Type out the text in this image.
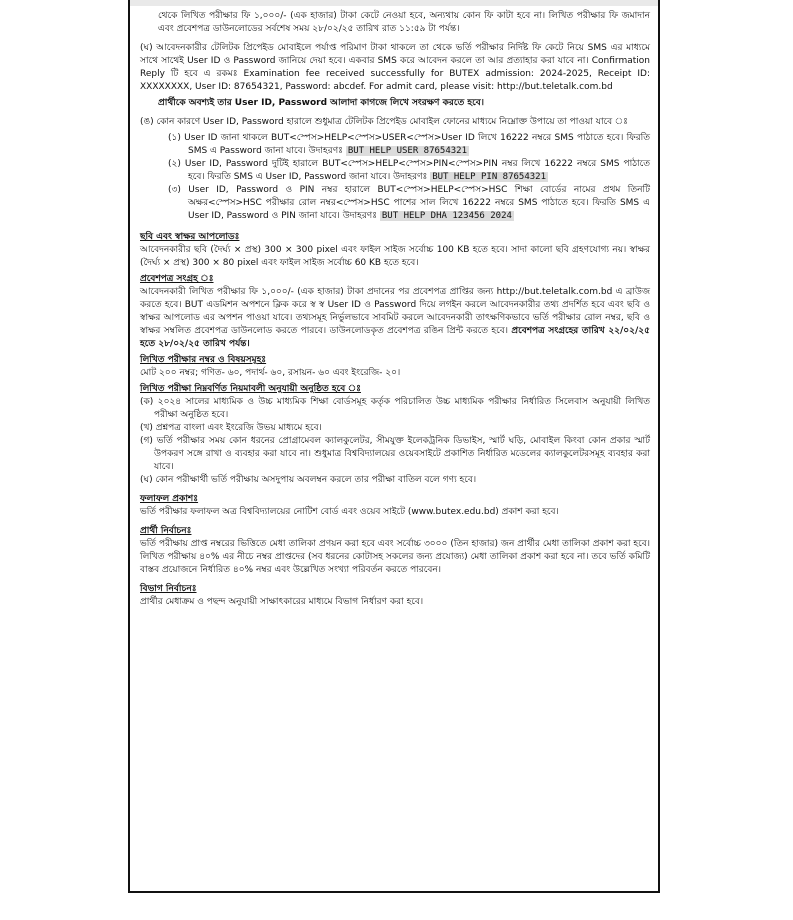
থেকে লিখিত পরীক্ষার ফি ১,০০০/- (এক হাজার) টাকা কেটে নেওয়া হবে, অন্যথায় কোন ফি কাটা হবে না। লিখিত পরীক্ষার ফি জমাদান এবং প্রবেশপত্র ডাউনলোডের সর্বশেষ সময় ২৮/০২/২৫ তারিখ রাত ১১:৫৯ টা পর্যন্ত।

(ঘ) আবেদনকারীর টেলিটক প্রিপেইড মোবাইলে পর্যাপ্ত পরিমাণ টাকা থাকলে তা থেকে ভর্তি পরীক্ষার নির্দিষ্ট ফি কেটে নিয়ে SMS এর মাধ্যমে সাথে সাথেই User ID ও Password জানিয়ে দেয়া হবে। একবার SMS করে আবেদন করলে তা আর প্রত্যাহার করা যাবে না। Confirmation Reply টি হবে এ রকমঃ Examination fee received successfully for BUTEX admission: 2024-2025, Receipt ID: XXXXXXXX, User ID: 87654321, Password: abcdef. For admit card, please visit: http://but.teletalk.com.bd

প্রার্থীকে অবশ্যই তার User ID, Password আলাদা কাগজে লিখে সংরক্ষণ করতে হবে।

(ঙ) কোন কারণে User ID, Password হারালে শুধুমাত্র টেলিটক প্রিপেইড মোবাইল ফোনের মাধ্যমে নিম্নোক্ত উপায়ে তা পাওয়া যাবে ঃ

(১) User ID জানা থাকলে BUT<স্পেস>HELP<স্পেস>USER<স্পেস>User ID লিখে 16222 নম্বরে SMS পাঠাতে হবে। ফিরতি SMS এ Password জানা যাবে। উদাহরণঃ BUT HELP USER 87654321

(২) User ID, Password দুটিই হারালে BUT<স্পেস>HELP<স্পেস>PIN<স্পেস>PIN নম্বর লিখে 16222 নম্বরে SMS পাঠাতে হবে। ফিরতি SMS এ User ID, Password জানা যাবে। উদাহরণঃ BUT HELP PIN 87654321

(৩) User ID, Password ও PIN নম্বর হারালে BUT<স্পেস>HELP<স্পেস>HSC শিক্ষা বোর্ডের নামের প্রথম তিনটি অক্ষর<স্পেস>HSC পরীক্ষার রোল নম্বর<স্পেস>HSC পাশের সাল লিখে 16222 নম্বরে SMS পাঠাতে হবে। ফিরতি SMS এ User ID, Password ও PIN জানা যাবে। উদাহরণঃ BUT HELP DHA 123456 2024

ছবি এবং স্বাক্ষর আপলোডঃ

আবেদনকারীর ছবি (দৈর্ঘ্য × প্রস্থ) 300 × 300 pixel এবং ফাইল সাইজ সর্বোচ্চ 100 KB হতে হবে। সাদা কালো ছবি গ্রহণযোগ্য নয়। স্বাক্ষর (দৈর্ঘ্য × প্রস্থ) 300 × 80 pixel এবং ফাইল সাইজ সর্বোচ্চ 60 KB হতে হবে।

প্রবেশপত্র সংগ্রহ ঃ

আবেদনকারী লিখিত পরীক্ষার ফি ১,০০০/- (এক হাজার) টাকা প্রদানের পর প্রবেশপত্র প্রাপ্তির জন্য http://but.teletalk.com.bd এ ব্রাউজ করতে হবে। BUT এডমিশন অপশনে ক্লিক করে স্ব স্ব User ID ও Password দিয়ে লগইন করলে আবেদনকারীর তথ্য প্রদর্শিত হবে এবং ছবি ও স্বাক্ষর আপলোড এর অপশন পাওয়া যাবে। তথ্যসমূহ নির্ভুলভাবে সাবমিট করলে আবেদনকারী তাৎক্ষণিকভাবে ভর্তি পরীক্ষার রোল নম্বর, ছবি ও স্বাক্ষর সম্বলিত প্রবেশপত্র ডাউনলোড করতে পারবে। ডাউনলোডকৃত প্রবেশপত্র রঙিন প্রিন্ট করতে হবে। প্রবেশপত্র সংগ্রহের তারিখ ২২/০২/২৫ হতে ২৮/০২/২৫ তারিখ পর্যন্ত।

লিখিত পরীক্ষার নম্বর ও বিষয়সমূহঃ

মোট ২০০ নম্বর; গণিত- ৬০, পদার্থ- ৬০, রসায়ন- ৬০ এবং ইংরেজি- ২০।

লিখিত পরীক্ষা নিম্নবর্ণিত নিয়মাবলী অনুযায়ী অনুষ্ঠিত হবে ঃ

(ক) ২০২৪ সালের মাধ্যমিক ও উচ্চ মাধ্যমিক শিক্ষা বোর্ডসমূহ কর্তৃক পরিচালিত উচ্চ মাধ্যমিক পরীক্ষার নির্ধারিত সিলেবাস অনুযায়ী লিখিত পরীক্ষা অনুষ্ঠিত হবে।

(খ) প্রশ্নপত্র বাংলা এবং ইংরেজি উভয় মাধ্যমে হবে।

(গ) ভর্তি পরীক্ষার সময় কোন ধরনের প্রোগ্রামেবল ক্যালকুলেটর, সীমযুক্ত ইলেকট্রনিক ডিভাইস, স্মার্ট ঘড়ি, মোবাইল কিংবা কোন প্রকার স্মার্ট উপকরণ সঙ্গে রাখা ও ব্যবহার করা যাবে না। শুধুমাত্র বিশ্ববিদ্যালয়ের ওয়েবসাইটে প্রকাশিত নির্ধারিত মডেলের ক্যালকুলেটরসমূহ ব্যবহার করা যাবে।

(ঘ) কোন পরীক্ষার্থী ভর্তি পরীক্ষায় অসদুপায় অবলম্বন করলে তার পরীক্ষা বাতিল বলে গণ্য হবে।

ফলাফল প্রকাশঃ

ভর্তি পরীক্ষার ফলাফল অত্র বিশ্ববিদ্যালয়ের নোটিশ বোর্ড এবং ওয়েব সাইটে (www.butex.edu.bd) প্রকাশ করা হবে।

প্রার্থী নির্বাচনঃ

ভর্তি পরীক্ষায় প্রাপ্ত নম্বরের ভিত্তিতে মেধা তালিকা প্রণয়ন করা হবে এবং সর্বোচ্চ ৩০০০ (তিন হাজার) জন প্রার্থীর মেধা তালিকা প্রকাশ করা হবে। লিখিত পরীক্ষায় ৪০% এর নীচে নম্বর প্রাপ্তদের (সব ধরনের কোটাসহ সকলের জন্য প্রযোজ্য) মেধা তালিকা প্রকাশ করা হবে না। তবে ভর্তি কমিটি বাস্তব প্রয়োজনে নির্ধারিত ৪০% নম্বর এবং উল্লেখিত সংখ্যা পরিবর্তন করতে পারবেন।

বিভাগ নির্বাচনঃ

প্রার্থীর মেধাক্রম ও পছন্দ অনুযায়ী সাক্ষাৎকারের মাধ্যমে বিভাগ নির্ধারণ করা হবে।
